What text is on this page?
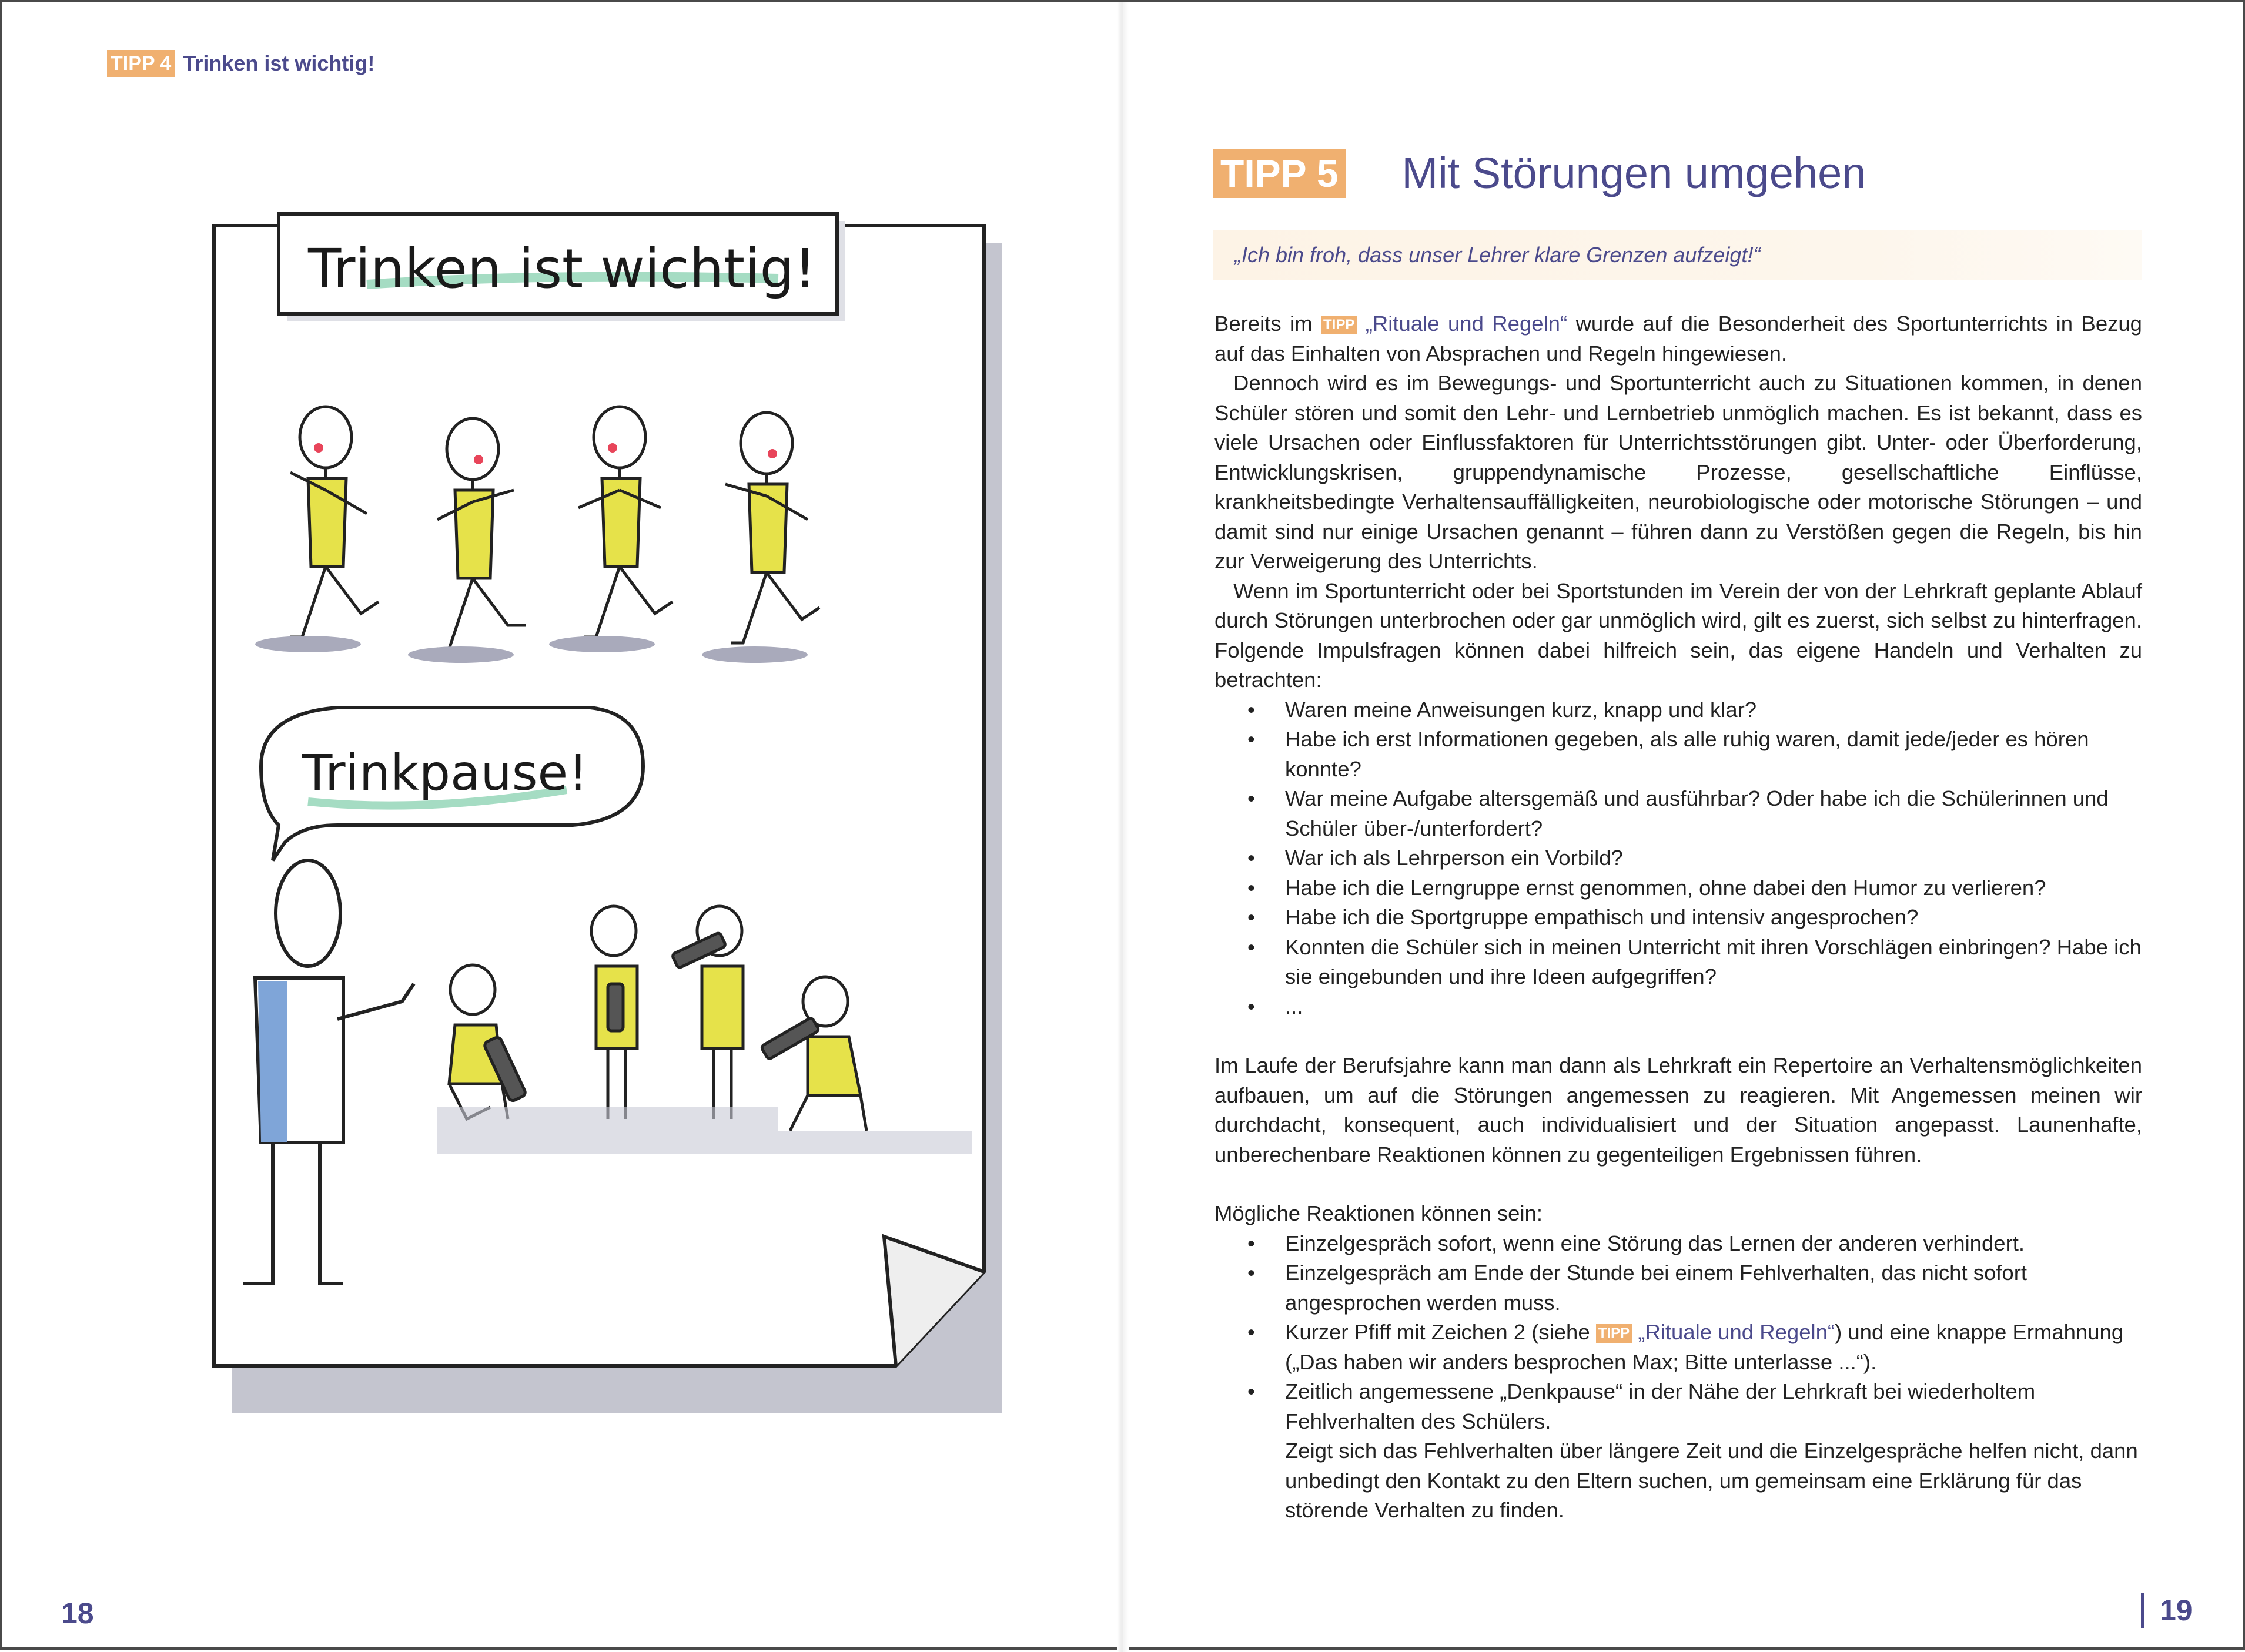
TIPP 4 Trinken ist wichtig!
Trinken ist wichtig!
Trinkpause!
18
TIPP 5 Mit Störungen umgehen
„Ich bin froh, dass unser Lehrer klare Grenzen aufzeigt!“

Bereits im TIPP „Rituale und Regeln“ wurde auf die Besonderheit des Sportunterrichts in Bezug auf das Einhalten von Absprachen und Regeln hingewiesen.

Dennoch wird es im Bewegungs- und Sportunterricht auch zu Situationen kommen, in denen Schüler stören und somit den Lehr- und Lernbetrieb unmöglich machen. Es ist bekannt, dass es viele Ursachen oder Einflussfaktoren für Unterrichtsstörungen gibt. Unter- oder Überforderung, Entwicklungskrisen, gruppendynamische Prozesse, gesellschaftliche Einflüsse, krankheitsbedingte Verhaltensauffälligkeiten, neurobiologische oder motorische Störungen – und damit sind nur einige Ursachen genannt – führen dann zu Verstößen gegen die Regeln, bis hin zur Verweigerung des Unterrichts.

Wenn im Sportunterricht oder bei Sportstunden im Verein der von der Lehrkraft geplante Ablauf durch Störungen unterbrochen oder gar unmöglich wird, gilt es zuerst, sich selbst zu hinterfragen. Folgende Impulsfragen können dabei hilfreich sein, das eigene Handeln und Verhalten zu betrachten:

• Waren meine Anweisungen kurz, knapp und klar?
• Habe ich erst Informationen gegeben, als alle ruhig waren, damit jede/jeder es hören konnte?
• War meine Aufgabe altersgemäß und ausführbar? Oder habe ich die Schülerinnen und Schüler über-/unterfordert?
• War ich als Lehrperson ein Vorbild?
• Habe ich die Lerngruppe ernst genommen, ohne dabei den Humor zu verlieren?
• Habe ich die Sportgruppe empathisch und intensiv angesprochen?
• Konnten die Schüler sich in meinen Unterricht mit ihren Vorschlägen einbringen? Habe ich sie eingebunden und ihre Ideen aufgegriffen?
• ...

Im Laufe der Berufsjahre kann man dann als Lehrkraft ein Repertoire an Verhaltensmöglichkeiten aufbauen, um auf die Störungen angemessen zu reagieren. Mit Angemessen meinen wir durchdacht, konsequent, auch individualisiert und der Situation angepasst. Launenhafte, unberechenbare Reaktionen können zu gegenteiligen Ergebnissen führen.

Mögliche Reaktionen können sein:

• Einzelgespräch sofort, wenn eine Störung das Lernen der anderen verhindert.
• Einzelgespräch am Ende der Stunde bei einem Fehlverhalten, das nicht sofort angesprochen werden muss.
• Kurzer Pfiff mit Zeichen 2 (siehe TIPP „Rituale und Regeln“) und eine knappe Ermahnung („Das haben wir anders besprochen Max; Bitte unterlasse ...“).
• Zeitlich angemessene „Denkpause“ in der Nähe der Lehrkraft bei wiederholtem Fehlverhalten des Schülers.
Zeigt sich das Fehlverhalten über längere Zeit und die Einzelgespräche helfen nicht, dann unbedingt den Kontakt zu den Eltern suchen, um gemeinsam eine Erklärung für das störende Verhalten zu finden.
19
